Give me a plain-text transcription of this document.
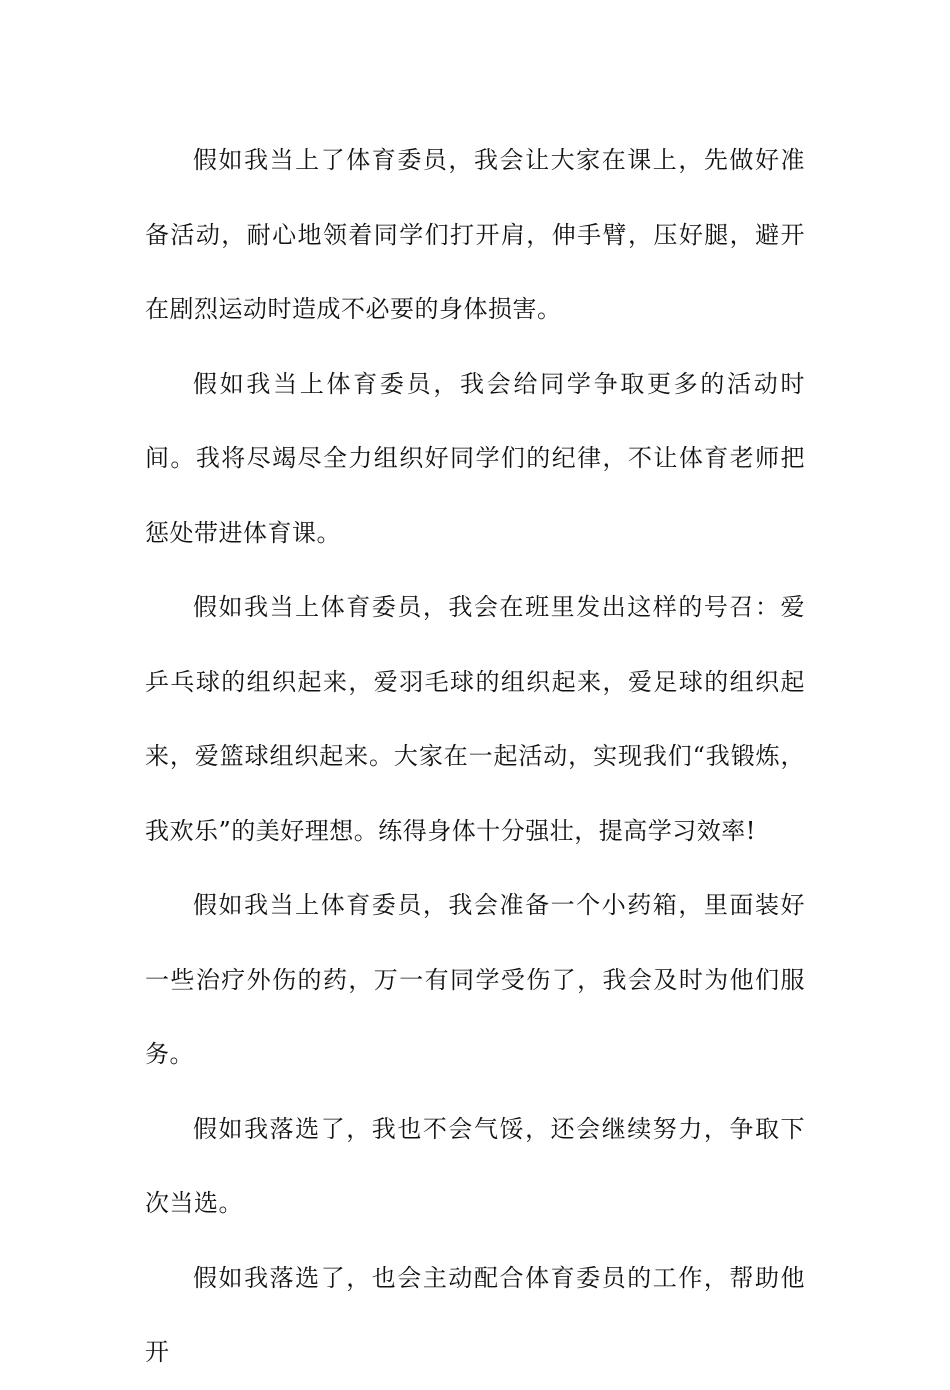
假如我当上了体育委员，我会让大家在课上，先做好准备活动，耐心地领着同学们打开肩，伸手臂，压好腿，避开在剧烈运动时造成不必要的身体损害。

假如我当上体育委员，我会给同学争取更多的活动时间。我将尽竭尽全力组织好同学们的纪律，不让体育老师把惩处带进体育课。

假如我当上体育委员，我会在班里发出这样的号召：爱乒乓球的组织起来，爱羽毛球的组织起来，爱足球的组织起来，爱篮球组织起来。大家在一起活动，实现我们“我锻炼，我欢乐”的美好理想。练得身体十分强壮，提高学习效率!

假如我当上体育委员，我会准备一个小药箱，里面装好一些治疗外伤的药，万一有同学受伤了，我会及时为他们服务。

假如我落选了，我也不会气馁，还会继续努力，争取下次当选。

假如我落选了，也会主动配合体育委员的工作，帮助他开
